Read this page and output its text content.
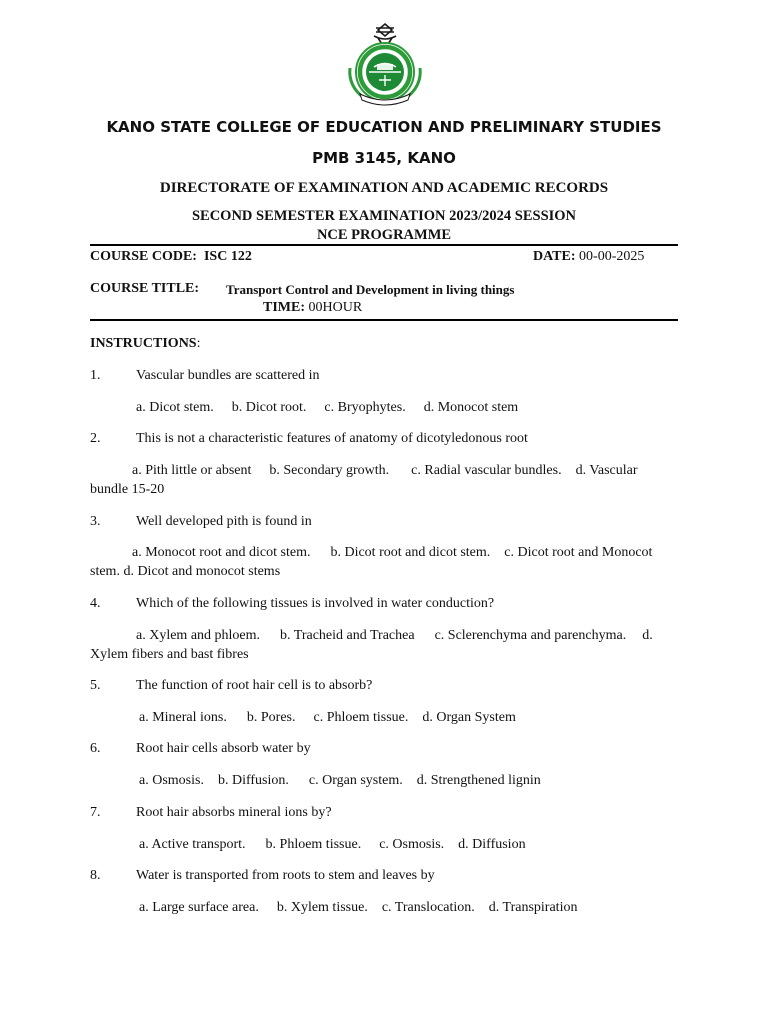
KANO STATE COLLEGE OF EDUCATION AND PRELIMINARY STUDIES
PMB 3145, KANO
DIRECTORATE OF EXAMINATION AND ACADEMIC RECORDS
SECOND SEMESTER EXAMINATION 2023/2024 SESSION
NCE PROGRAMME
COURSE CODE: ISC 122	DATE: 00-00-2025
COURSE TITLE: Transport Control and Development in living things
TIME: 00HOUR
INSTRUCTIONS:
1.	Vascular bundles are scattered in
a. Dicot stem. b. Dicot root. c. Bryophytes. d. Monocot stem
2.	This is not a characteristic features of anatomy of dicotyledonous root
a. Pith little or absent b. Secondary growth. c. Radial vascular bundles. d. Vascular
bundle 15-20
3.	Well developed pith is found in
a. Monocot root and dicot stem. b. Dicot root and dicot stem. c. Dicot root and Monocot
stem. d. Dicot and monocot stems
4.	Which of the following tissues is involved in water conduction?
a. Xylem and phloem. b. Tracheid and Trachea c. Sclerenchyma and parenchyma. d.
Xylem fibers and bast fibres
5.	The function of root hair cell is to absorb?
a. Mineral ions. b. Pores. c. Phloem tissue. d. Organ System
6.	Root hair cells absorb water by
a. Osmosis. b. Diffusion. c. Organ system. d. Strengthened lignin
7.	Root hair absorbs mineral ions by?
a. Active transport. b. Phloem tissue. c. Osmosis. d. Diffusion
8.	Water is transported from roots to stem and leaves by
a. Large surface area. b. Xylem tissue. c. Translocation. d. Transpiration
